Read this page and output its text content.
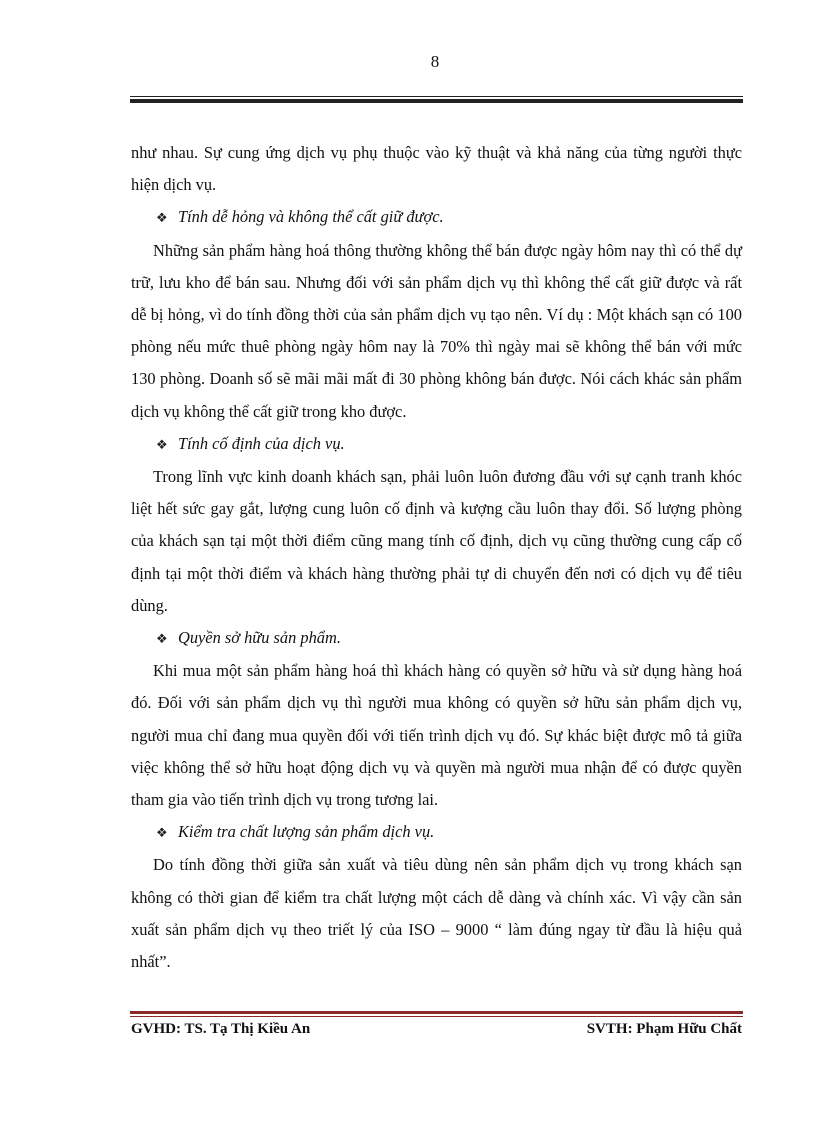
8

như nhau. Sự cung ứng dịch vụ phụ thuộc vào kỹ thuật và khả năng của từng người thực hiện dịch vụ.

❖ Tính dễ hỏng và không thể cất giữ được.

Những sản phẩm hàng hoá thông thường không thể bán được ngày hôm nay thì có thể dự trữ, lưu kho để bán sau. Nhưng đối với sản phẩm dịch vụ thì không thể cất giữ được và rất dễ bị hỏng, vì do tính đồng thời của sản phẩm dịch vụ tạo nên. Ví dụ : Một khách sạn có 100 phòng nếu mức thuê phòng ngày hôm nay là 70% thì ngày mai sẽ không thể bán với mức 130 phòng. Doanh số sẽ mãi mãi mất đi 30 phòng không bán được. Nói cách khác sản phẩm dịch vụ không thể cất giữ trong kho được.

❖ Tính cố định của dịch vụ.

Trong lĩnh vực kinh doanh khách sạn, phải luôn luôn đương đầu với sự cạnh tranh khóc liệt hết sức gay gắt, lượng cung luôn cố định và kượng cầu luôn thay đổi. Số lượng phòng của khách sạn tại một thời điểm cũng mang tính cố định, dịch vụ cũng thường cung cấp cố định tại một thời điểm và khách hàng thường phải tự di chuyển đến nơi có dịch vụ để tiêu dùng.

❖ Quyền sở hữu sản phẩm.

Khi mua một sản phẩm hàng hoá thì khách hàng có quyền sở hữu và sử dụng hàng hoá đó. Đối với sản phẩm dịch vụ thì người mua không có quyền sở hữu sản phẩm dịch vụ, người mua chỉ đang mua quyền đối với tiến trình dịch vụ đó. Sự khác biệt được mô tả giữa việc không thể sở hữu hoạt động dịch vụ và quyền mà người mua nhận để có được quyền tham gia vào tiến trình dịch vụ trong tương lai.

❖ Kiểm tra chất lượng sản phẩm dịch vụ.

Do tính đồng thời giữa sản xuất và tiêu dùng nên sản phẩm dịch vụ trong khách sạn không có thời gian để kiểm tra chất lượng một cách dễ dàng và chính xác. Vì vậy cần sản xuất sản phẩm dịch vụ theo triết lý của ISO – 9000 “ làm đúng ngay từ đầu là hiệu quả nhất”.

GVHD: TS. Tạ Thị Kiều An	SVTH: Phạm Hữu Chất
